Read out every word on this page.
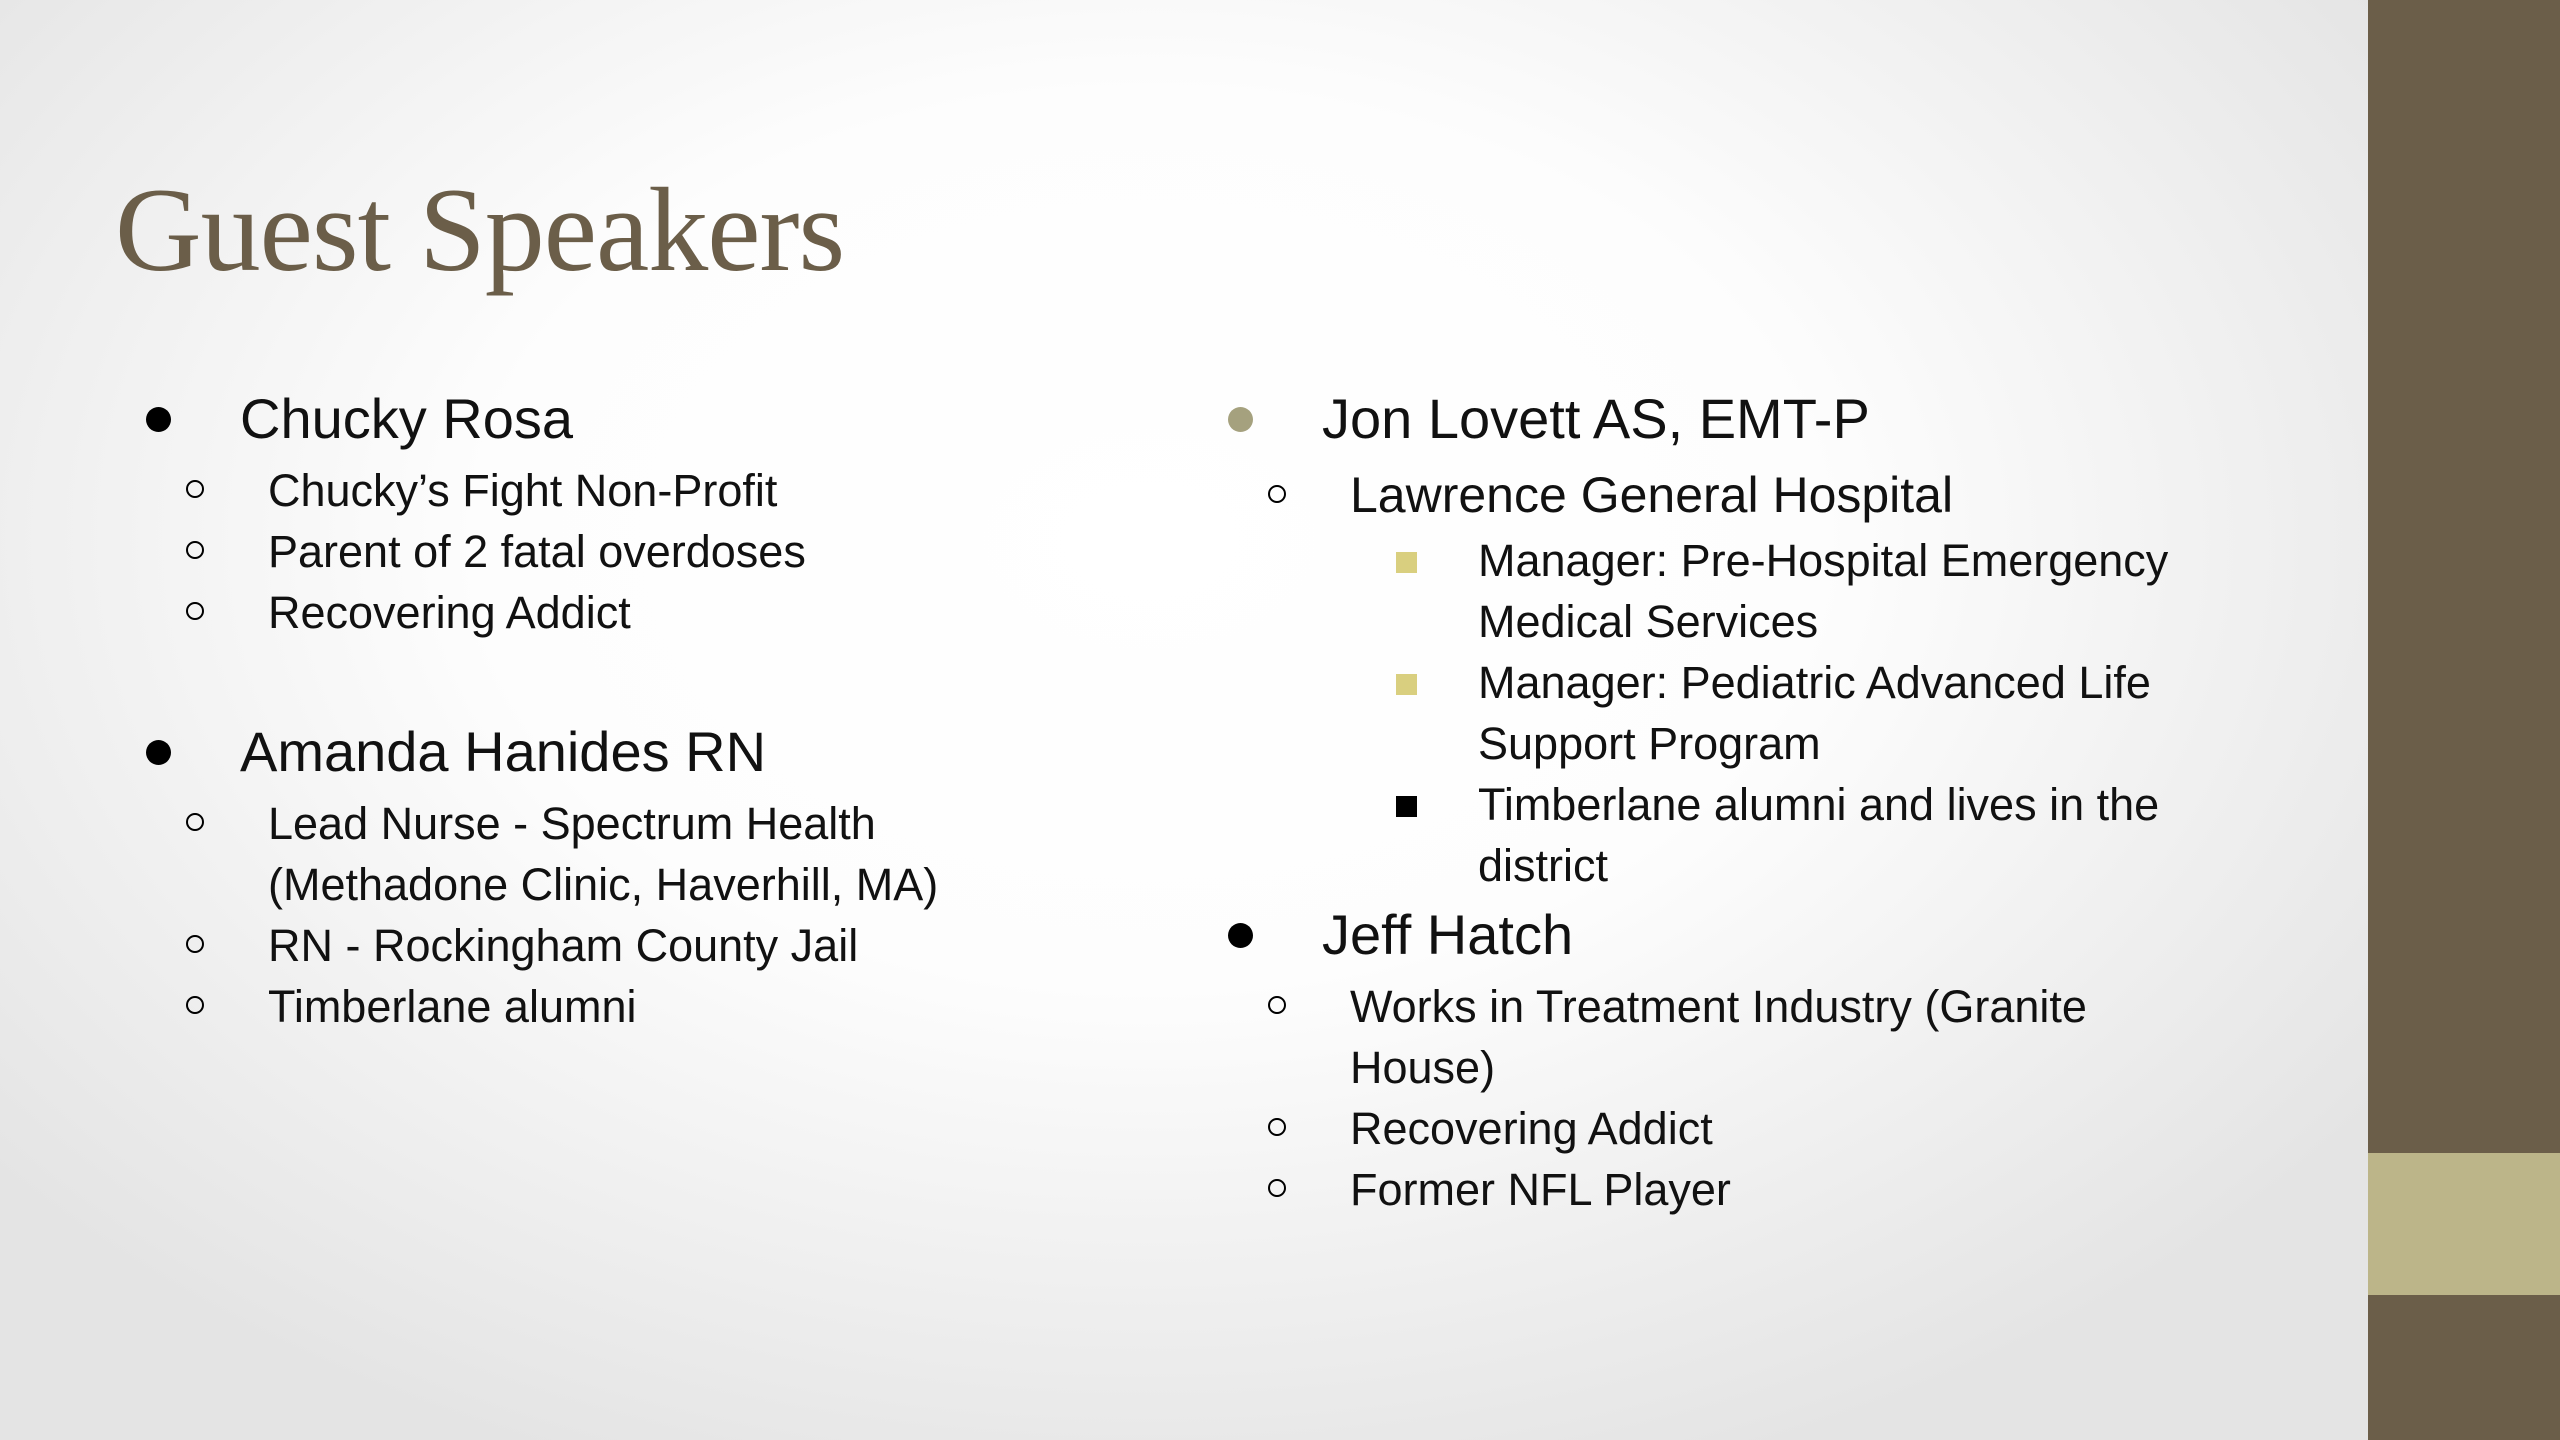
Guest Speakers
Chucky Rosa
Chucky’s Fight Non-Profit
Parent of 2 fatal overdoses
Recovering Addict
Amanda Hanides RN
Lead Nurse - Spectrum Health
(Methadone Clinic, Haverhill, MA)
RN - Rockingham County Jail
Timberlane alumni
Jon Lovett AS, EMT-P
Lawrence General Hospital
Manager: Pre-Hospital Emergency
Medical Services
Manager: Pediatric Advanced Life
Support Program
Timberlane alumni and lives in the
district
Jeff Hatch
Works in Treatment Industry (Granite
House)
Recovering Addict
Former NFL Player
